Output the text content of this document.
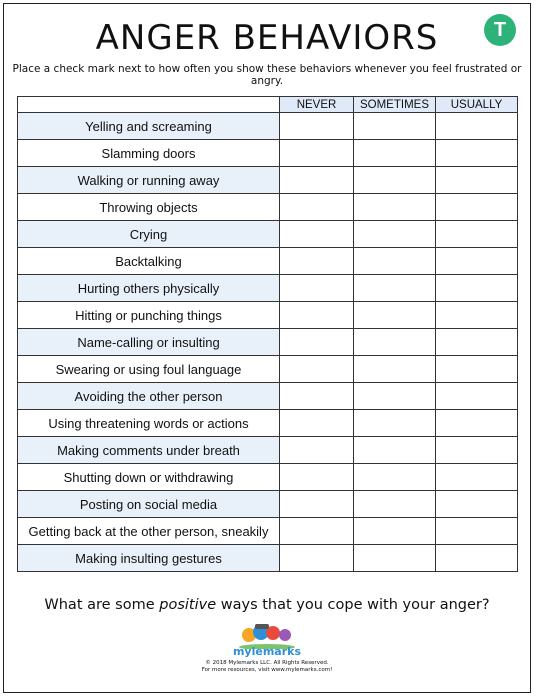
ANGER BEHAVIORS	T
Place a check mark next to how often you show these behaviors whenever you feel frustrated or angry.
	NEVER	SOMETIMES	USUALLY
Yelling and screaming			
Slamming doors			
Walking or running away			
Throwing objects			
Crying			
Backtalking			
Hurting others physically			
Hitting or punching things			
Name-calling or insulting			
Swearing or using foul language			
Avoiding the other person			
Using threatening words or actions			
Making comments under breath			
Shutting down or withdrawing			
Posting on social media			
Getting back at the other person, sneakily			
Making insulting gestures			
What are some positive ways that you cope with your anger?
mylemarks
© 2018 Mylemarks LLC. All Rights Reserved.
For more resources, visit www.mylemarks.com!
